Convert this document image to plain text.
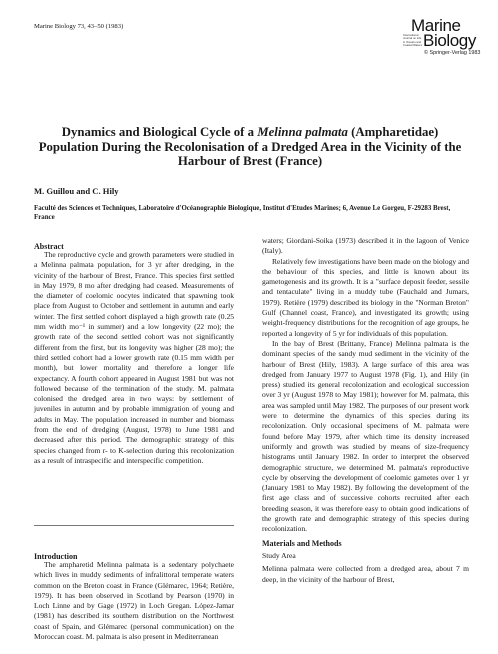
Marine Biology 73, 43–50 (1983)	Marine
Biology
International Journal on Life in Oceans and Coastal Waters
© Springer-Verlag 1983
Dynamics and Biological Cycle of a Melinna palmata (Ampharetidae) Population During the Recolonisation of a Dredged Area in the Vicinity of the Harbour of Brest (France)
M. Guillou and C. Hily
Faculté des Sciences et Techniques, Laboratoire d'Océanographie Biologique, Institut d'Etudes Marines; 6, Avenue Le Gorgeu, F-29283 Brest, France
Abstract

The reproductive cycle and growth parameters were studied in a Melinna palmata population, for 3 yr after dredging, in the vicinity of the harbour of Brest, France. This species first settled in May 1979, 8 mo after dredging had ceased. Measurements of the diameter of coelomic oocytes indicated that spawning took place from August to October and settlement in autumn and early winter. The first settled cohort displayed a high growth rate (0.25 mm width mo⁻¹ in summer) and a low longevity (22 mo); the growth rate of the second settled cohort was not significantly different from the first, but its longevity was higher (28 mo); the third settled cohort had a lower growth rate (0.15 mm width per month), but lower mortality and therefore a longer life expectancy. A fourth cohort appeared in August 1981 but was not followed because of the termination of the study. M. palmata colonised the dredged area in two ways: by settlement of juveniles in autumn and by probable immigration of young and adults in May. The population increased in number and biomass from the end of dredging (August, 1978) to June 1981 and decreased after this period. The demographic strategy of this species changed from r- to K-selection during this recolonization as a result of intraspecific and interspecific competition.

Introduction

The ampharetid Melinna palmata is a sedentary polychaete which lives in muddy sediments of infralittoral temperate waters common on the Breton coast in France (Glémarec, 1964; Retière, 1979). It has been observed in Scotland by Pearson (1970) in Loch Linne and by Gage (1972) in Loch Gregan. López-Jamar (1981) has described its southern distribution on the Northwest coast of Spain, and Glémarec (personal communication) on the Moroccan coast. M. palmata is also present in Mediterranean

waters; Giordani-Soika (1973) described it in the lagoon of Venice (Italy).

Relatively few investigations have been made on the biology and the behaviour of this species, and little is known about its gametogenesis and its growth. It is a "surface deposit feeder, sessile and tentaculate" living in a muddy tube (Fauchald and Jumars, 1979). Retière (1979) described its biology in the "Norman Breton" Gulf (Channel coast, France), and investigated its growth; using weight-frequency distributions for the recognition of age groups, he reported a longevity of 5 yr for individuals of this population.

In the bay of Brest (Brittany, France) Melinna palmata is the dominant species of the sandy mud sediment in the vicinity of the harbour of Brest (Hily, 1983). A large surface of this area was dredged from January 1977 to August 1978 (Fig. 1), and Hily (in press) studied its general recolonization and ecological succession over 3 yr (August 1978 to May 1981); however for M. palmata, this area was sampled until May 1982. The purposes of our present work were to determine the dynamics of this species during its recolonization. Only occasional specimens of M. palmata were found before May 1979, after which time its density increased uniformly and growth was studied by means of size-frequency histograms until January 1982. In order to interpret the observed demographic structure, we determined M. palmata's reproductive cycle by observing the development of coelomic gametes over 1 yr (January 1981 to May 1982). By following the development of the first age class and of successive cohorts recruited after each breeding season, it was therefore easy to obtain good indications of the growth rate and demographic strategy of this species during recolonization.

Materials and Methods
Study Area

Melinna palmata were collected from a dredged area, about 7 m deep, in the vicinity of the harbour of Brest,
